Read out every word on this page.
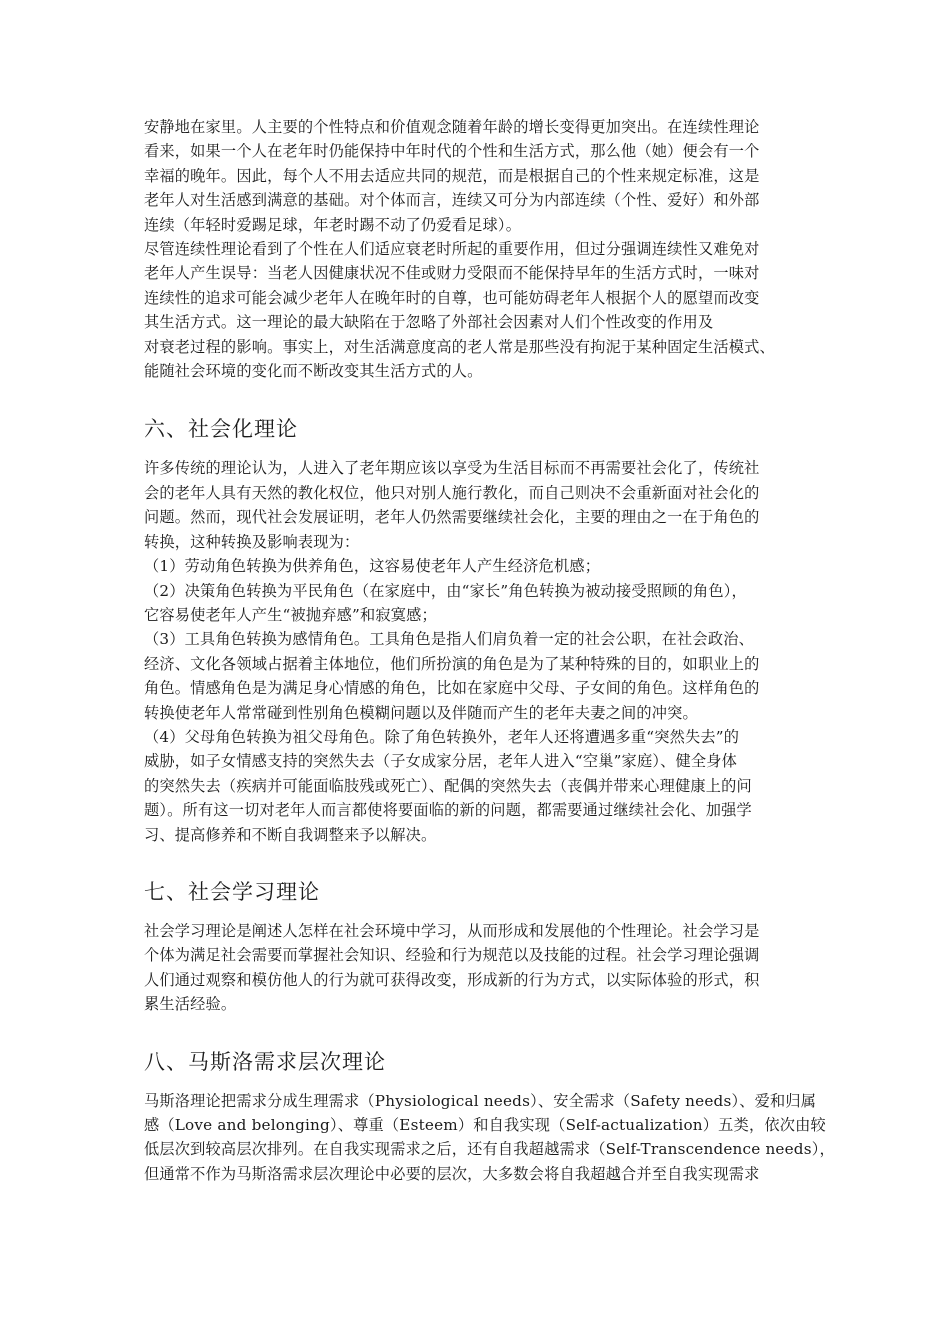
安静地在家里。人主要的个性特点和价值观念随着年龄的增长变得更加突出。在连续性理论
看来，如果一个人在老年时仍能保持中年时代的个性和生活方式，那么他（她）便会有一个
幸福的晚年。因此，每个人不用去适应共同的规范，而是根据自己的个性来规定标准，这是
老年人对生活感到满意的基础。对个体而言，连续又可分为内部连续（个性、爱好）和外部
连续（年轻时爱踢足球，年老时踢不动了仍爱看足球）。

尽管连续性理论看到了个性在人们适应衰老时所起的重要作用，但过分强调连续性又难免对
老年人产生误导：当老人因健康状况不佳或财力受限而不能保持早年的生活方式时，一味对
连续性的追求可能会减少老年人在晚年时的自尊，也可能妨碍老年人根据个人的愿望而改变
其生活方式。这一理论的最大缺陷在于忽略了外部社会因素对人们个性改变的作用及
对衰老过程的影响。事实上，对生活满意度高的老人常是那些没有拘泥于某种固定生活模式、
能随社会环境的变化而不断改变其生活方式的人。

六、社会化理论

许多传统的理论认为，人进入了老年期应该以享受为生活目标而不再需要社会化了，传统社
会的老年人具有天然的教化权位，他只对别人施行教化，而自己则决不会重新面对社会化的
问题。然而，现代社会发展证明，老年人仍然需要继续社会化，主要的理由之一在于角色的
转换，这种转换及影响表现为：
（1）劳动角色转换为供养角色，这容易使老年人产生经济危机感；
（2）决策角色转换为平民角色（在家庭中，由“家长”角色转换为被动接受照顾的角色），
它容易使老年人产生“被抛弃感”和寂寞感；
（3）工具角色转换为感情角色。工具角色是指人们肩负着一定的社会公职，在社会政治、
经济、文化各领域占据着主体地位，他们所扮演的角色是为了某种特殊的目的，如职业上的
角色。情感角色是为满足身心情感的角色，比如在家庭中父母、子女间的角色。这样角色的
转换使老年人常常碰到性别角色模糊问题以及伴随而产生的老年夫妻之间的冲突。
（4）父母角色转换为祖父母角色。除了角色转换外，老年人还将遭遇多重“突然失去”的
威胁，如子女情感支持的突然失去（子女成家分居，老年人进入“空巢”家庭）、健全身体
的突然失去（疾病并可能面临肢残或死亡）、配偶的突然失去（丧偶并带来心理健康上的问
题）。所有这一切对老年人而言都使将要面临的新的问题，都需要通过继续社会化、加强学
习、提高修养和不断自我调整来予以解决。

七、社会学习理论

社会学习理论是阐述人怎样在社会环境中学习，从而形成和发展他的个性理论。社会学习是
个体为满足社会需要而掌握社会知识、经验和行为规范以及技能的过程。社会学习理论强调
人们通过观察和模仿他人的行为就可获得改变，形成新的行为方式，以实际体验的形式，积
累生活经验。

八、马斯洛需求层次理论

马斯洛理论把需求分成生理需求（Physiological needs）、安全需求（Safety needs）、爱和归属
感（Love and belonging）、尊重（Esteem）和自我实现（Self-actualization）五类，依次由较
低层次到较高层次排列。在自我实现需求之后，还有自我超越需求（Self-Transcendence needs），
但通常不作为马斯洛需求层次理论中必要的层次，大多数会将自我超越合并至自我实现需求
